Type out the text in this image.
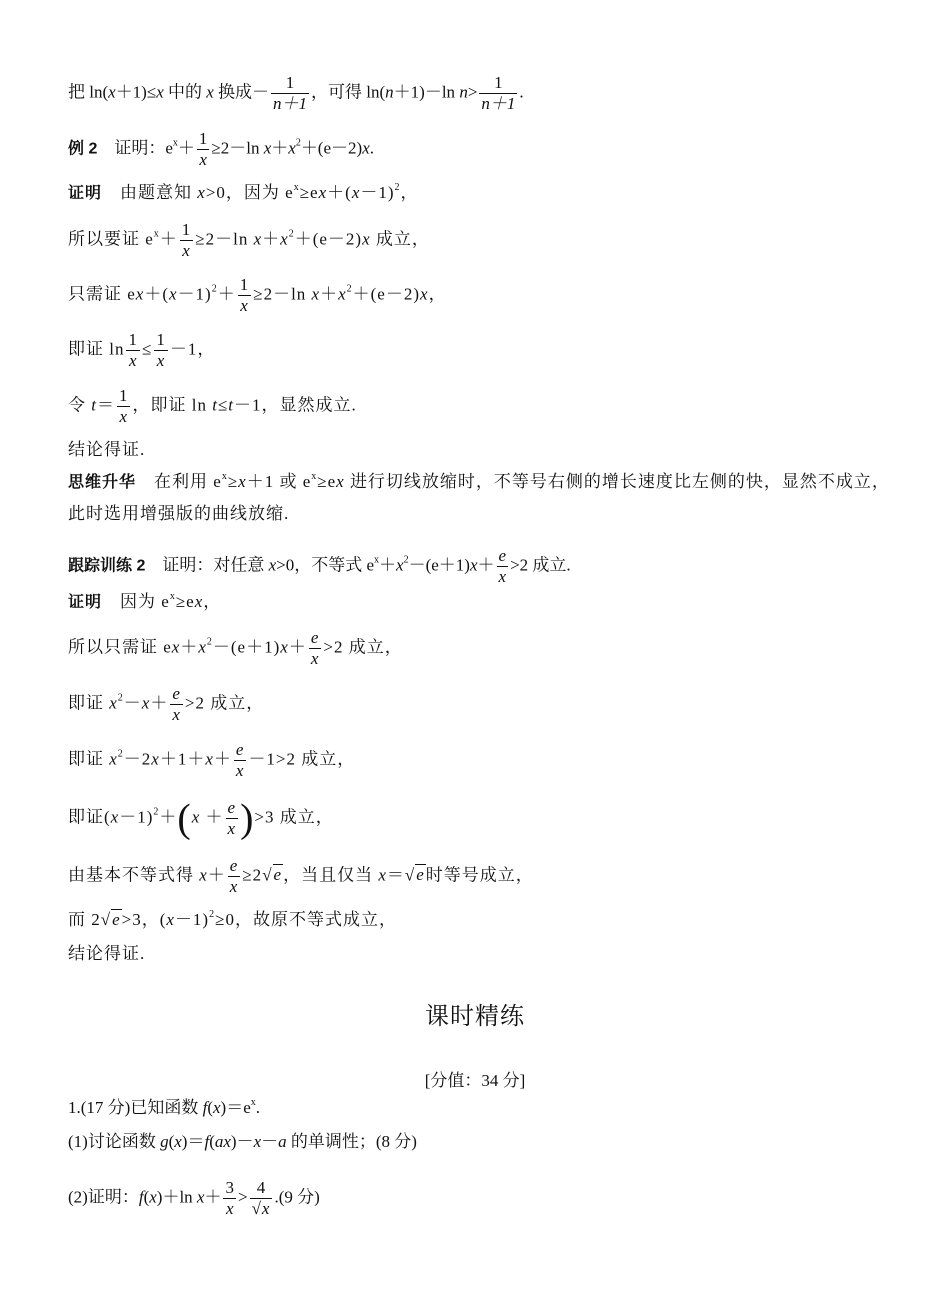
把 ln(x＋1)≤x 中的 x 换成－ $\frac{1}{n+1}$ ，可得 ln(n＋1)－ln $n> \frac{1}{n+1}$ .
例 2　证明：$e^x+ \frac{1}{x} \ge 2-\ln$ $x+x^2+(e-2)x$.
证明　由题意知 x>0，因为 $e^x\ge ex+(x-1)^2$，
所以要证 $e^x+ \frac{1}{x} \ge 2-\ln$ $x+x^2+(e-2)x$ 成立，
只需证 $ex+(x-1)^2+ \frac{1}{x} \ge 2-\ln$ $x+x^2+(e-2)x$，
即证 $\ln \frac{1}{x} \le \frac{1}{x} -1$，
令 $t= \frac{1}{x}$ ，即证 ln t≤t－1，显然成立.
结论得证.
思维升华　在利用 $e^x\ge x+1$ 或 $e^x\ge ex$ 进行切线放缩时，不等号右侧的增长速度比左侧的快，显然不成立，
此时选用增强版的曲线放缩.
跟踪训练 2　证明：对任意 x>0，不等式 $e^x+x^2-(e+1)x+ \frac{e}{x} >2$ 成立.
证明　因为 $e^x\ge ex$，
所以只需证 $ex+x^2-(e+1)x+ \frac{e}{x} >2$ 成立，
即证 $x^2-x+ \frac{e}{x} >2$ 成立，
即证 $x^2-2x+1+x+ \frac{e}{x} -1>2$ 成立，
即证$(x-1)^2+(x + \frac{e}{x} )>3$ 成立，
由基本不等式得 $x+ \frac{e}{x} \ge 2√e$，当且仅当 x＝√e时等号成立，
而 2√e>3，$(x-1)^2\ge 0$，故原不等式成立，
结论得证.
课时精练
[分值：34 分]
1.(17 分)已知函数 $f(x)=e^x$.
(1)讨论函数 g(x)＝f(ax)－x－a 的单调性；(8 分)
(2)证明：f(x)＋ln $x+ \frac{3}{x} > \frac{4}{√x} .(9$ 分)
